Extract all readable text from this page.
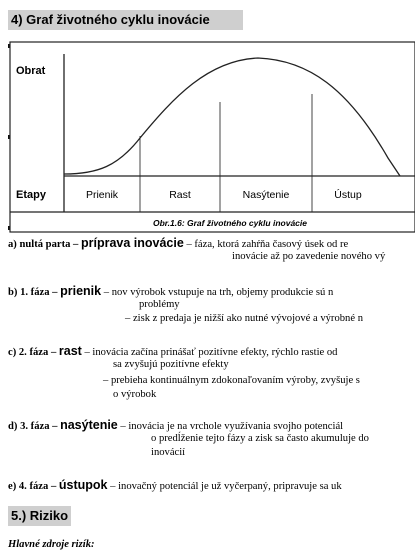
4) Graf životného cyklu inovácie
Obrat
Etapy	Prienik	Rast	Nasýtenie	Ústup
Obr.1.6: Graf životného cyklu inovácie
a) nultá parta – príprava inovácie – fáza, ktorá zahŕňa časový úsek od re
inovácie až po zavedenie nového vý
b) 1. fáza – prienik – nov výrobok vstupuje na trh, objemy produkcie sú n
problémy
– zisk z predaja je nižší ako nutné vývojové a výrobné n
c) 2. fáza – rast – inovácia začína prinášať pozitívne efekty, rýchlo rastie od
sa zvyšujú pozitívne efekty
– prebieha kontinuálnym zdokonaľovaním výroby, zvyšuje s
o výrobok
d) 3. fáza – nasýtenie – inovácia je na vrchole využívania svojho potenciál
o predĺženie tejto fázy a zisk sa často akumuluje do
inovácií
e) 4. fáza – ústupok – inovačný potenciál je už vyčerpaný, pripravuje sa uk
5.) Riziko
Hlavné zdroje rizík:
